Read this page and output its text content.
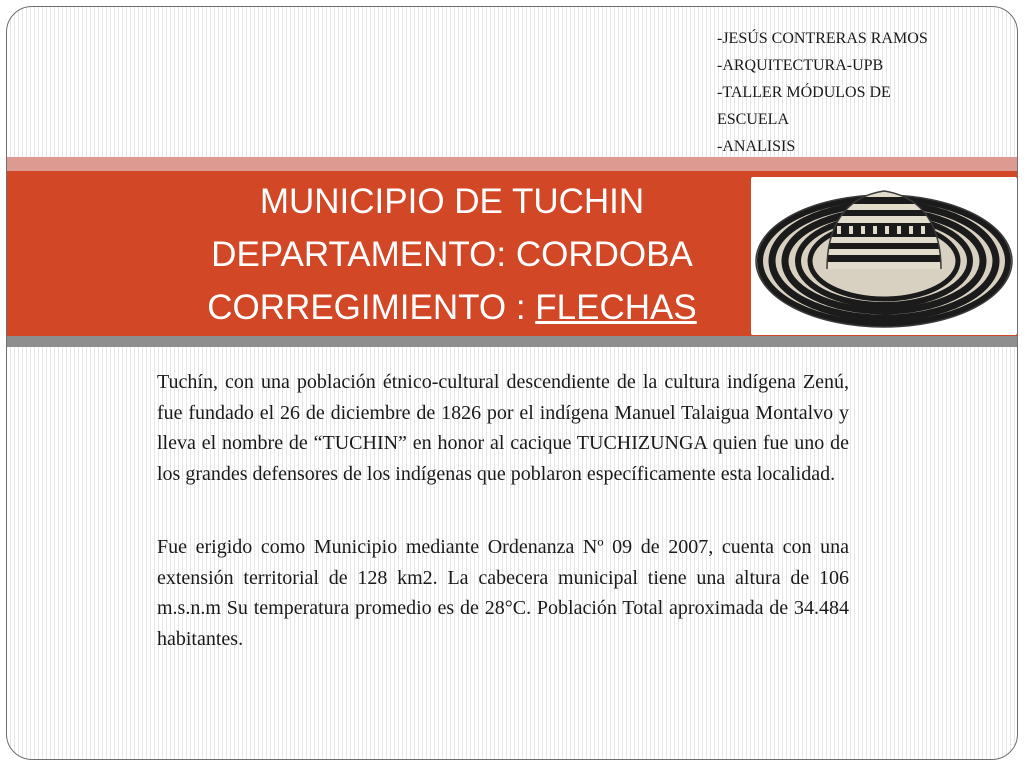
-JESÚS CONTRERAS RAMOS
-ARQUITECTURA-UPB
-TALLER MÓDULOS DE
ESCUELA
-ANALISIS
MUNICIPIO DE TUCHIN
DEPARTAMENTO: CORDOBA
CORREGIMIENTO : FLECHAS

Tuchín, con una población étnico-cultural descendiente de la cultura indígena Zenú, fue fundado el 26 de diciembre de 1826 por el indígena Manuel Talaigua Montalvo y lleva el nombre de “TUCHIN” en honor al cacique TUCHIZUNGA quien fue uno de los grandes defensores de los indígenas que poblaron específicamente esta localidad.

Fue erigido como Municipio mediante Ordenanza Nº 09 de 2007, cuenta con una extensión territorial de 128 km2. La cabecera municipal tiene una altura de 106 m.s.n.m Su temperatura promedio es de 28°C. Población Total aproximada de 34.484 habitantes.
